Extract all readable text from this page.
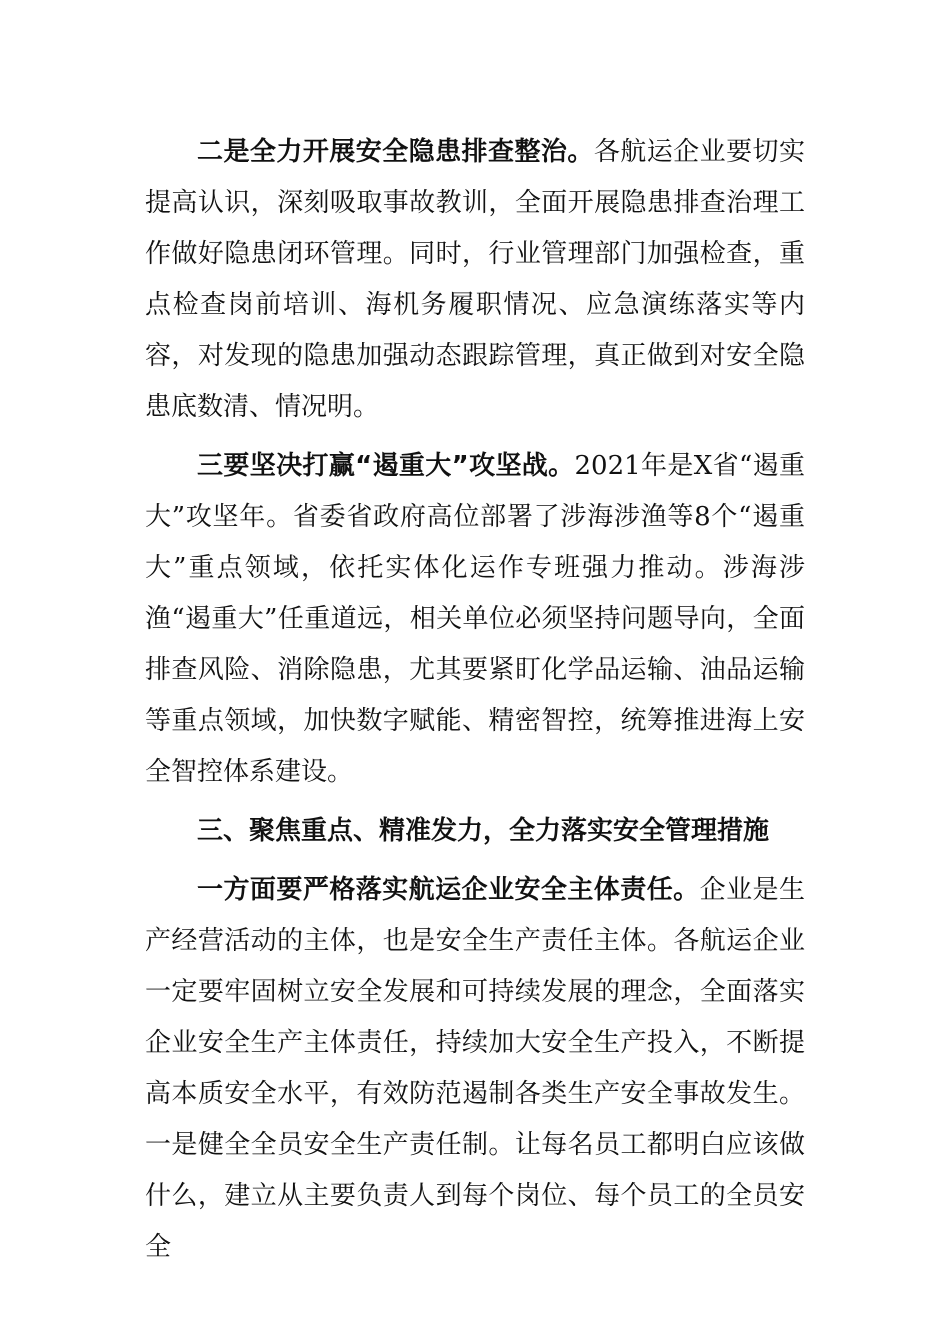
二是全力开展安全隐患排查整治。各航运企业要切实提高认识，深刻吸取事故教训，全面开展隐患排查治理工作做好隐患闭环管理。同时，行业管理部门加强检查，重点检查岗前培训、海机务履职情况、应急演练落实等内容，对发现的隐患加强动态跟踪管理，真正做到对安全隐患底数清、情况明。

三要坚决打赢“遏重大”攻坚战。2021年是X省“遏重大”攻坚年。省委省政府高位部署了涉海涉渔等8个“遏重大”重点领域，依托实体化运作专班强力推动。涉海涉渔“遏重大”任重道远，相关单位必须坚持问题导向，全面排查风险、消除隐患，尤其要紧盯化学品运输、油品运输等重点领域，加快数字赋能、精密智控，统筹推进海上安全智控体系建设。

三、聚焦重点、精准发力，全力落实安全管理措施

一方面要严格落实航运企业安全主体责任。企业是生产经营活动的主体，也是安全生产责任主体。各航运企业一定要牢固树立安全发展和可持续发展的理念，全面落实企业安全生产主体责任，持续加大安全生产投入，不断提高本质安全水平，有效防范遏制各类生产安全事故发生。一是健全全员安全生产责任制。让每名员工都明白应该做什么，建立从主要负责人到每个岗位、每个员工的全员安全
